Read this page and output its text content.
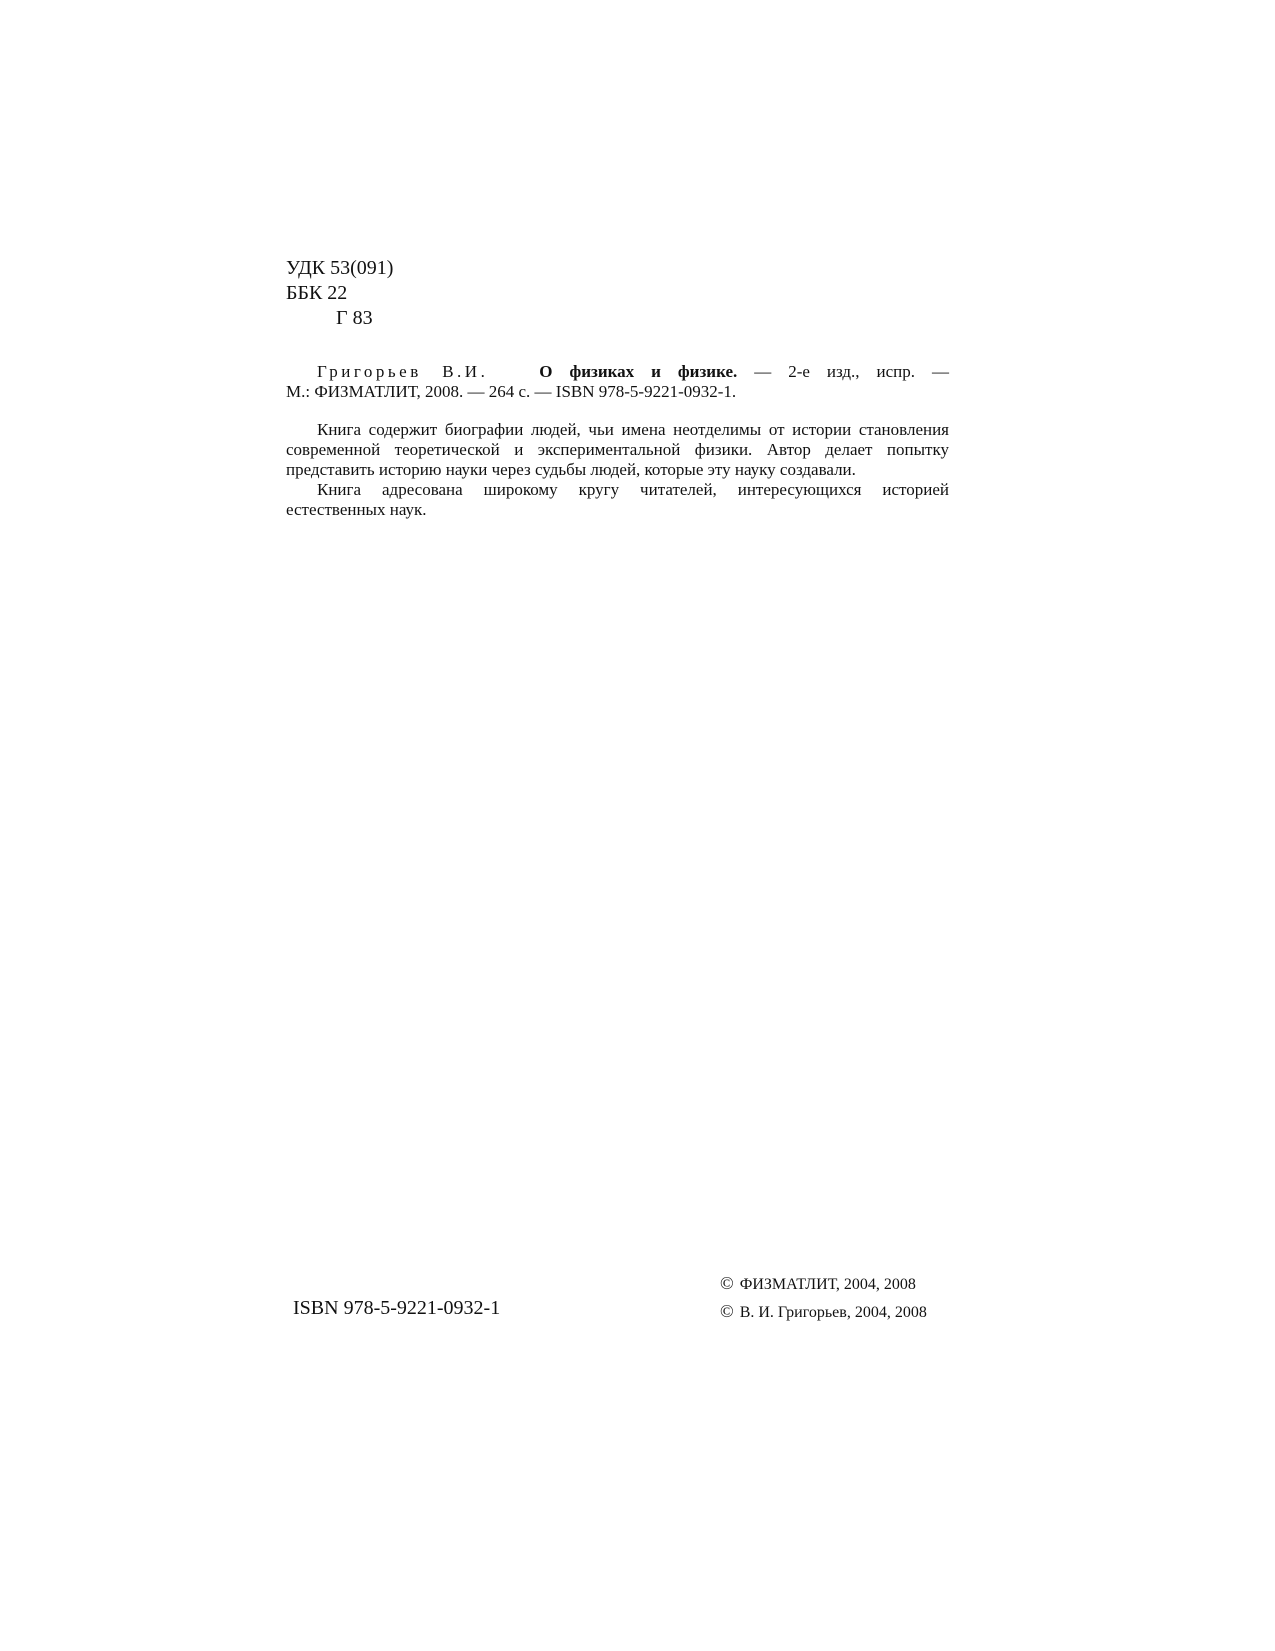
УДК 53(091)
ББК 22
Г 83

Григорьев В.И.	О физиках и физике. — 2-е изд., испр. —
М.: ФИЗМАТЛИТ, 2008. — 264 с. — ISBN 978-5-9221-0932-1.

Книга содержит биографии людей, чьи имена неотделимы от истории становления современной теоретической и экспериментальной физики. Автор делает попытку представить историю науки через судьбы людей, которые эту науку создавали.

Книга адресована широкому кругу читателей, интересующихся историей естественных наук.

ISBN 978-5-9221-0932-1
© ФИЗМАТЛИТ, 2004, 2008
© В. И. Григорьев, 2004, 2008
